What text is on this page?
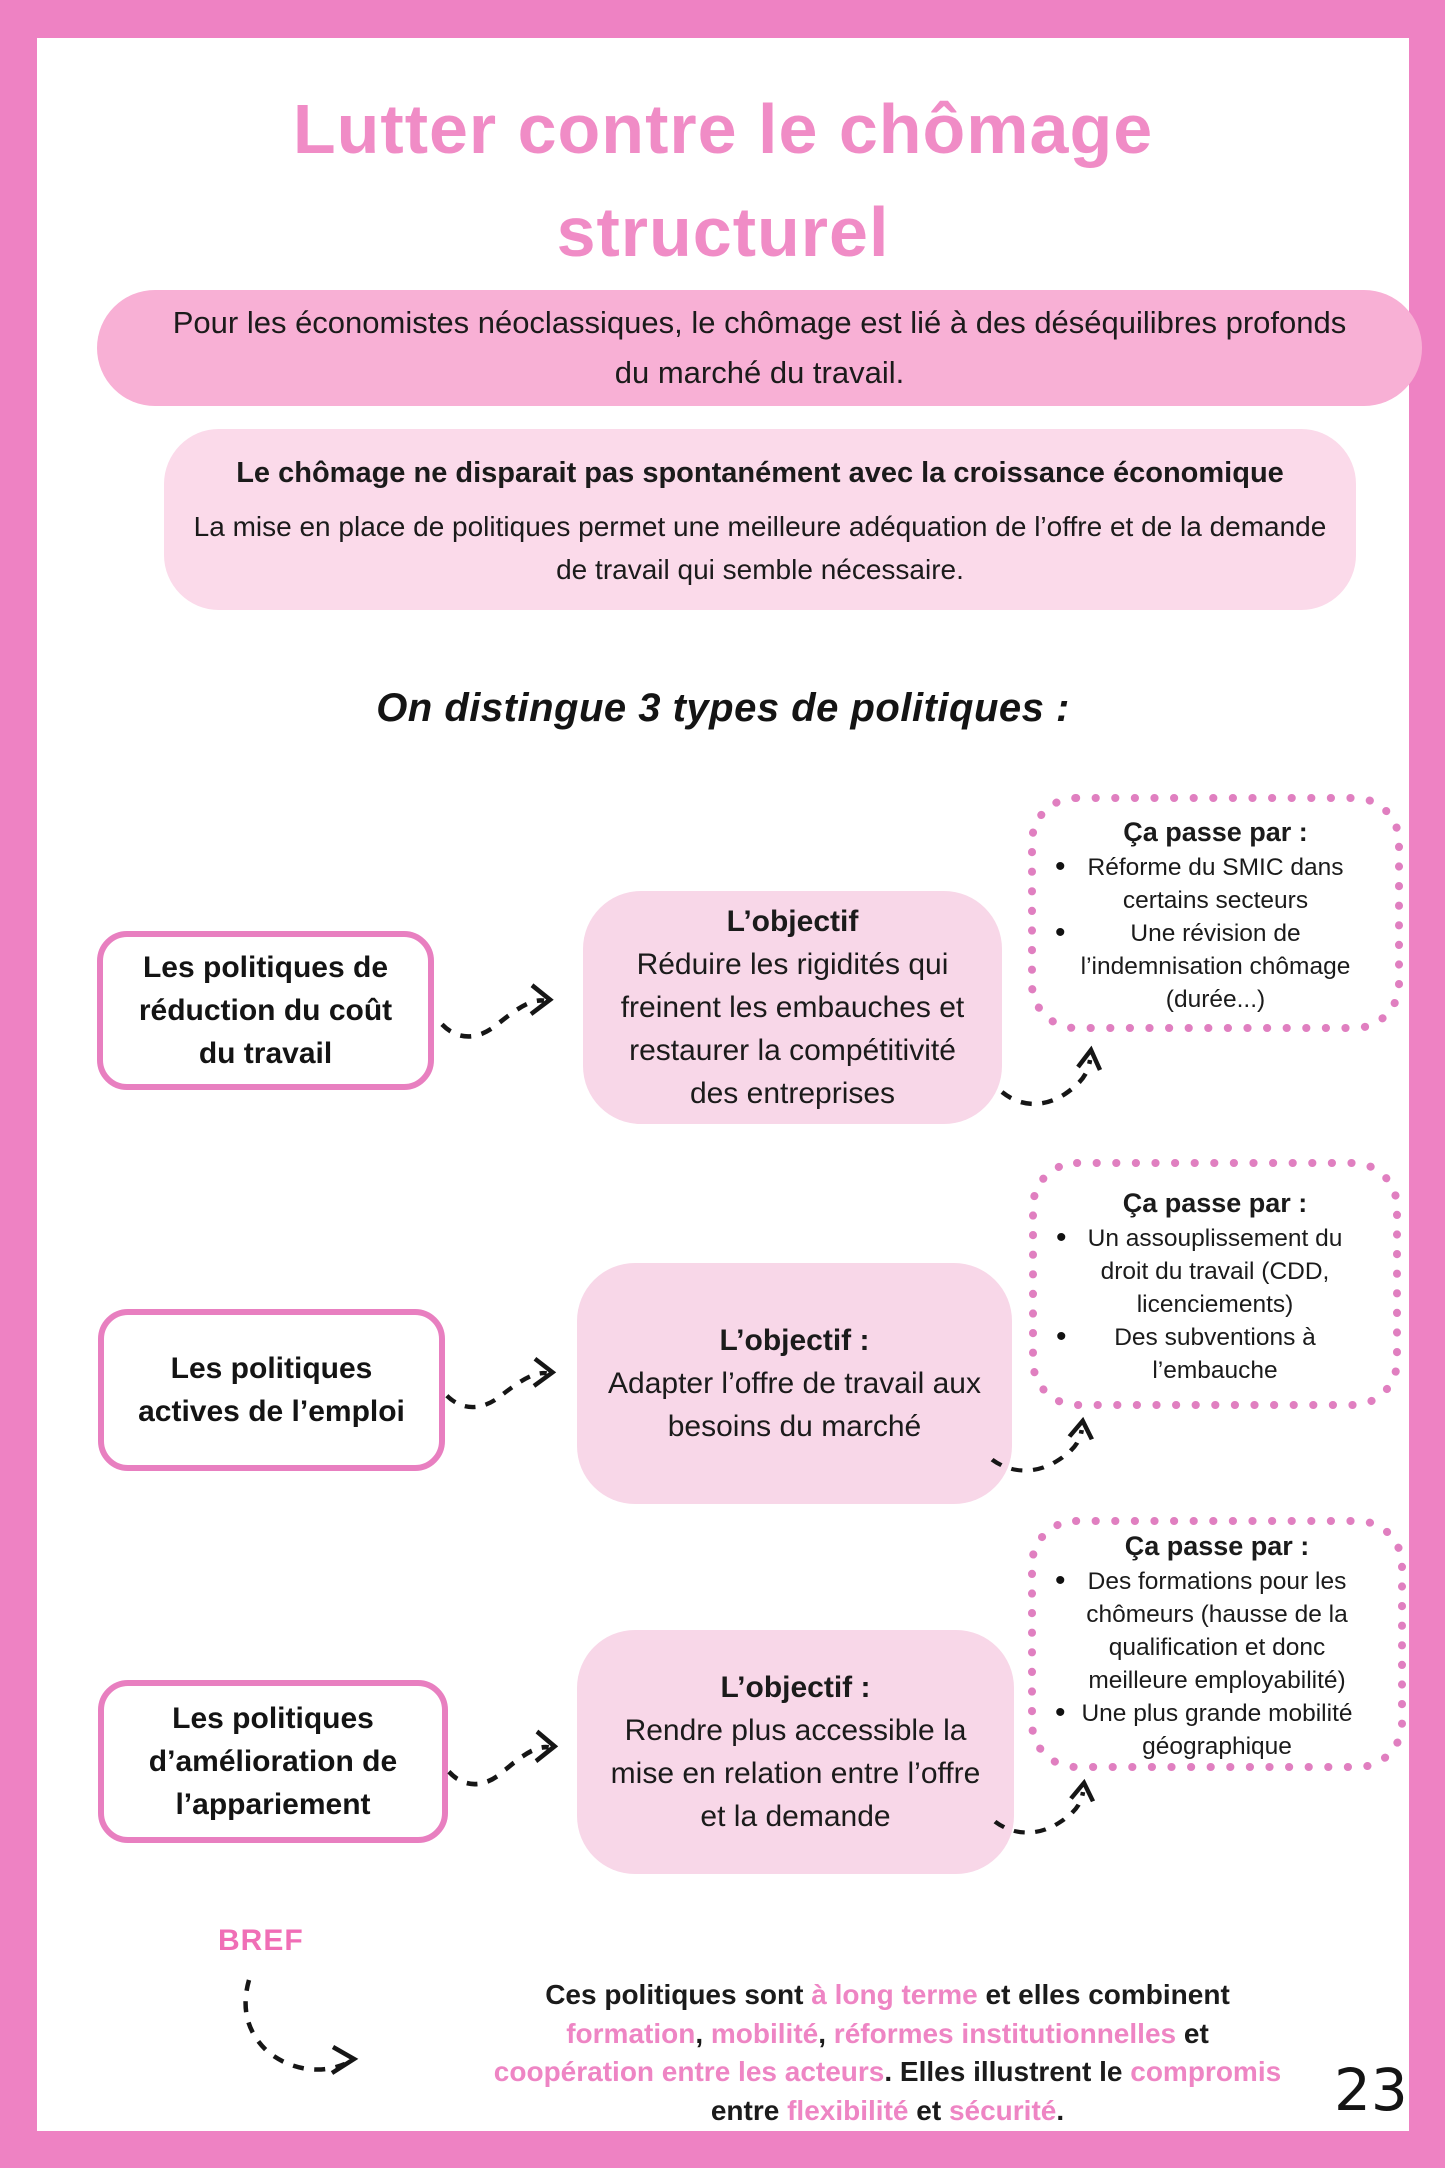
Lutter contre le chômage
structurel
Pour les économistes néoclassiques, le chômage est lié à des déséquilibres profonds du marché du travail.
Le chômage ne disparait pas spontanément avec la croissance économique
La mise en place de politiques permet une meilleure adéquation de l’offre et de la demande de travail qui semble nécessaire.
On distingue 3 types de politiques :
Les politiques de réduction du coût du travail
L’objectif
Réduire les rigidités qui freinent les embauches et restaurer la compétitivité des entreprises
Ça passe par :
• Réforme du SMIC dans certains secteurs
• Une révision de l’indemnisation chômage (durée...)
Les politiques actives de l’emploi
L’objectif :
Adapter l’offre de travail aux besoins du marché
Ça passe par :
• Un assouplissement du droit du travail (CDD, licenciements)
• Des subventions à l’embauche
Les politiques d’amélioration de l’appariement
L’objectif :
Rendre plus accessible la mise en relation entre l’offre et la demande
Ça passe par :
• Des formations pour les chômeurs (hausse de la qualification et donc meilleure employabilité)
• Une plus grande mobilité géographique
BREF
Ces politiques sont à long terme et elles combinent
formation, mobilité, réformes institutionnelles et
coopération entre les acteurs. Elles illustrent le compromis
entre flexibilité et sécurité.	23
